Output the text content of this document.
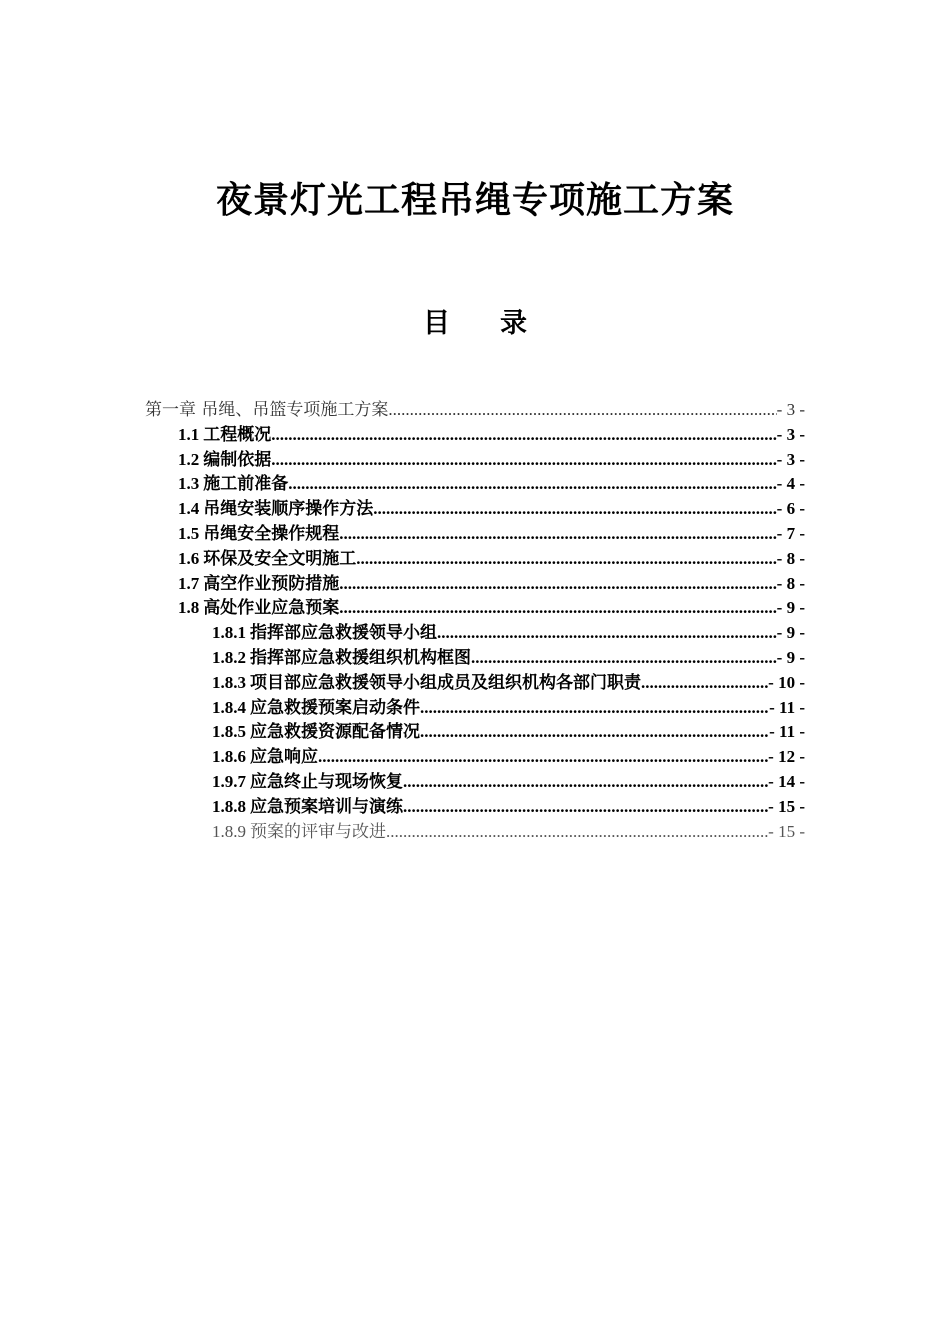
夜景灯光工程吊绳专项施工方案
目 录
第一章 吊绳、吊篮专项施工方案 .....	- 3 -
1.1 工程概况 .....	- 3 -
1.2 编制依据 .....	- 3 -
1.3 施工前准备 .....	- 4 -
1.4 吊绳安装顺序操作方法 .....	- 6 -
1.5 吊绳安全操作规程 .....	- 7 -
1.6 环保及安全文明施工 .....	- 8 -
1.7 高空作业预防措施 .....	- 8 -
1.8 高处作业应急预案 .....	- 9 -
1.8.1 指挥部应急救援领导小组 .....	- 9 -
1.8.2 指挥部应急救援组织机构框图 .....	- 9 -
1.8.3 项目部应急救援领导小组成员及组织机构各部门职责 .....	- 10 -
1.8.4 应急救援预案启动条件 .....	- 11 -
1.8.5 应急救援资源配备情况 .....	- 11 -
1.8.6 应急响应 .....	- 12 -
1.9.7 应急终止与现场恢复 .....	- 14 -
1.8.8 应急预案培训与演练 .....	- 15 -
1.8.9 预案的评审与改进 .....	- 15 -
